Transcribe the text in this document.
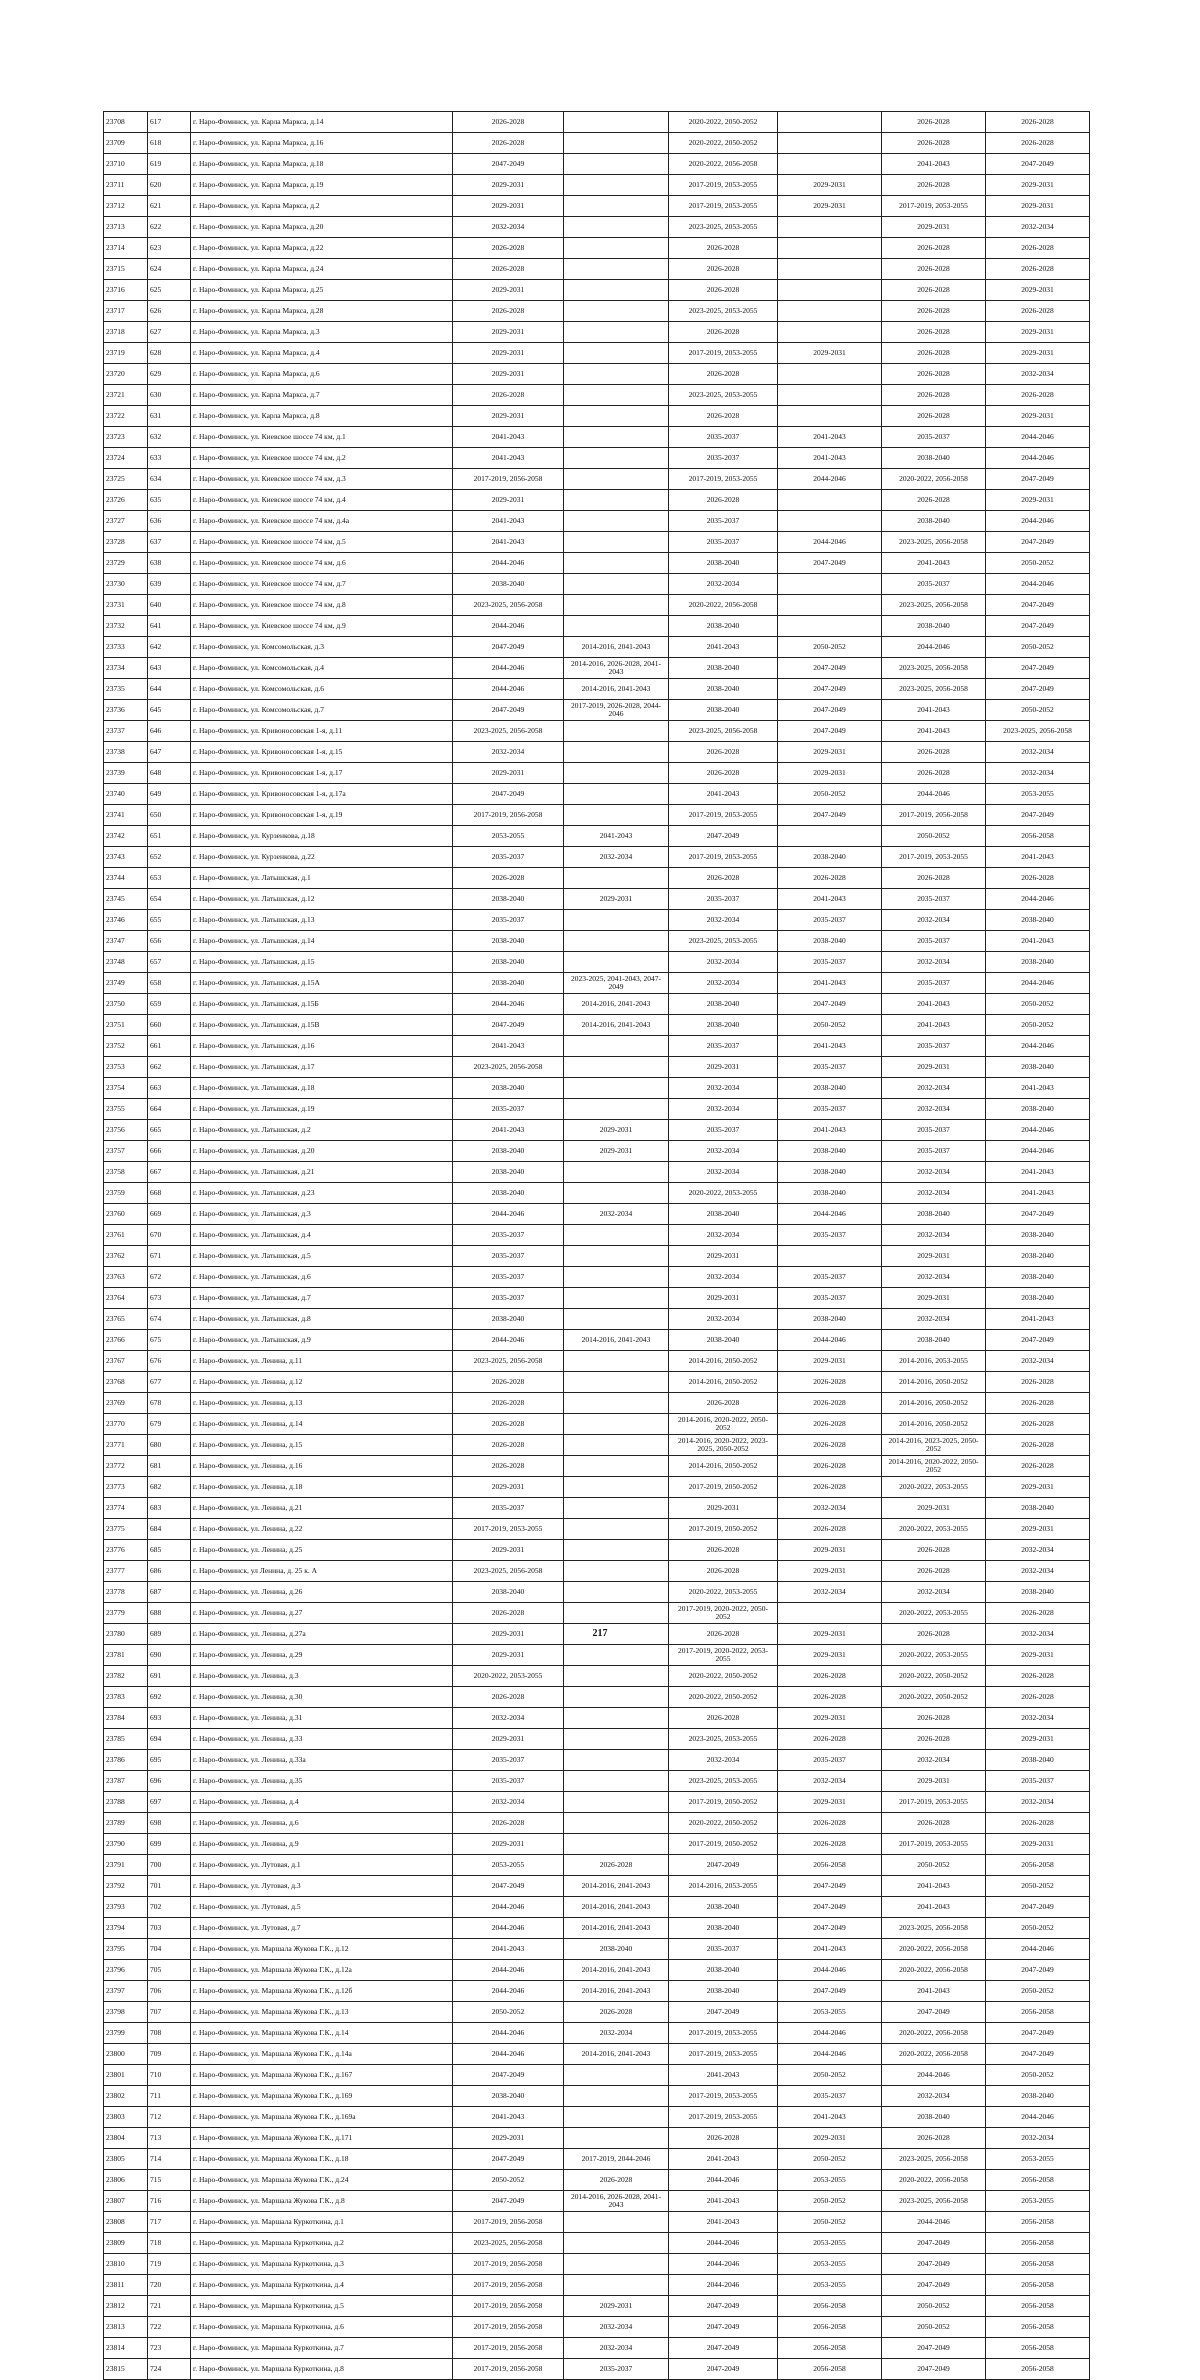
23708	617	г. Наро-Фоминск, ул. Карла Маркса, д.14	2026-2028		2020-2022, 2050-2052		2026-2028	2026-2028
23709	618	г. Наро-Фоминск, ул. Карла Маркса, д.16	2026-2028		2020-2022, 2050-2052		2026-2028	2026-2028
23710	619	г. Наро-Фоминск, ул. Карла Маркса, д.18	2047-2049		2020-2022, 2056-2058		2041-2043	2047-2049
23711	620	г. Наро-Фоминск, ул. Карла Маркса, д.19	2029-2031		2017-2019, 2053-2055	2029-2031	2026-2028	2029-2031
23712	621	г. Наро-Фоминск, ул. Карла Маркса, д.2	2029-2031		2017-2019, 2053-2055	2029-2031	2017-2019, 2053-2055	2029-2031
23713	622	г. Наро-Фоминск, ул. Карла Маркса, д.20	2032-2034		2023-2025, 2053-2055		2029-2031	2032-2034
23714	623	г. Наро-Фоминск, ул. Карла Маркса, д.22	2026-2028		2026-2028		2026-2028	2026-2028
23715	624	г. Наро-Фоминск, ул. Карла Маркса, д.24	2026-2028		2026-2028		2026-2028	2026-2028
23716	625	г. Наро-Фоминск, ул. Карла Маркса, д.25	2029-2031		2026-2028		2026-2028	2029-2031
23717	626	г. Наро-Фоминск, ул. Карла Маркса, д.28	2026-2028		2023-2025, 2053-2055		2026-2028	2026-2028
23718	627	г. Наро-Фоминск, ул. Карла Маркса, д.3	2029-2031		2026-2028		2026-2028	2029-2031
23719	628	г. Наро-Фоминск, ул. Карла Маркса, д.4	2029-2031		2017-2019, 2053-2055	2029-2031	2026-2028	2029-2031
23720	629	г. Наро-Фоминск, ул. Карла Маркса, д.6	2029-2031		2026-2028		2026-2028	2032-2034
23721	630	г. Наро-Фоминск, ул. Карла Маркса, д.7	2026-2028		2023-2025, 2053-2055		2026-2028	2026-2028
23722	631	г. Наро-Фоминск, ул. Карла Маркса, д.8	2029-2031		2026-2028		2026-2028	2029-2031
23723	632	г. Наро-Фоминск, ул. Киевское шоссе 74 км, д.1	2041-2043		2035-2037	2041-2043	2035-2037	2044-2046
23724	633	г. Наро-Фоминск, ул. Киевское шоссе 74 км, д.2	2041-2043		2035-2037	2041-2043	2038-2040	2044-2046
23725	634	г. Наро-Фоминск, ул. Киевское шоссе 74 км, д.3	2017-2019, 2056-2058		2017-2019, 2053-2055	2044-2046	2020-2022, 2056-2058	2047-2049
23726	635	г. Наро-Фоминск, ул. Киевское шоссе 74 км, д.4	2029-2031		2026-2028		2026-2028	2029-2031
23727	636	г. Наро-Фоминск, ул. Киевское шоссе 74 км, д.4а	2041-2043		2035-2037		2038-2040	2044-2046
23728	637	г. Наро-Фоминск, ул. Киевское шоссе 74 км, д.5	2041-2043		2035-2037	2044-2046	2023-2025, 2056-2058	2047-2049
23729	638	г. Наро-Фоминск, ул. Киевское шоссе 74 км, д.6	2044-2046		2038-2040	2047-2049	2041-2043	2050-2052
23730	639	г. Наро-Фоминск, ул. Киевское шоссе 74 км, д.7	2038-2040		2032-2034		2035-2037	2044-2046
23731	640	г. Наро-Фоминск, ул. Киевское шоссе 74 км, д.8	2023-2025, 2056-2058		2020-2022, 2056-2058		2023-2025, 2056-2058	2047-2049
23732	641	г. Наро-Фоминск, ул. Киевское шоссе 74 км, д.9	2044-2046		2038-2040		2038-2040	2047-2049
23733	642	г. Наро-Фоминск, ул. Комсомольская, д.3	2047-2049	2014-2016, 2041-2043	2041-2043	2050-2052	2044-2046	2050-2052
23734	643	г. Наро-Фоминск, ул. Комсомольская, д.4	2044-2046	2014-2016, 2026-2028, 2041-2043	2038-2040	2047-2049	2023-2025, 2056-2058	2047-2049
23735	644	г. Наро-Фоминск, ул. Комсомольская, д.6	2044-2046	2014-2016, 2041-2043	2038-2040	2047-2049	2023-2025, 2056-2058	2047-2049
23736	645	г. Наро-Фоминск, ул. Комсомольская, д.7	2047-2049	2017-2019, 2026-2028, 2044-2046	2038-2040	2047-2049	2041-2043	2050-2052
23737	646	г. Наро-Фоминск, ул. Кривоносовская 1-я, д.11	2023-2025, 2056-2058		2023-2025, 2056-2058	2047-2049	2041-2043	2023-2025, 2056-2058
23738	647	г. Наро-Фоминск, ул. Кривоносовская 1-я, д.15	2032-2034		2026-2028	2029-2031	2026-2028	2032-2034
23739	648	г. Наро-Фоминск, ул. Кривоносовская 1-я, д.17	2029-2031		2026-2028	2029-2031	2026-2028	2032-2034
23740	649	г. Наро-Фоминск, ул. Кривоносовская 1-я, д.17а	2047-2049		2041-2043	2050-2052	2044-2046	2053-2055
23741	650	г. Наро-Фоминск, ул. Кривоносовская 1-я, д.19	2017-2019, 2056-2058		2017-2019, 2053-2055	2047-2049	2017-2019, 2056-2058	2047-2049
23742	651	г. Наро-Фоминск, ул. Курзенкова, д.18	2053-2055	2041-2043	2047-2049		2050-2052	2056-2058
23743	652	г. Наро-Фоминск, ул. Курзенкова, д.22	2035-2037	2032-2034	2017-2019, 2053-2055	2038-2040	2017-2019, 2053-2055	2041-2043
23744	653	г. Наро-Фоминск, ул. Латышская, д.1	2026-2028		2026-2028	2026-2028	2026-2028	2026-2028
23745	654	г. Наро-Фоминск, ул. Латышская, д.12	2038-2040	2029-2031	2035-2037	2041-2043	2035-2037	2044-2046
23746	655	г. Наро-Фоминск, ул. Латышская, д.13	2035-2037		2032-2034	2035-2037	2032-2034	2038-2040
23747	656	г. Наро-Фоминск, ул. Латышская, д.14	2038-2040		2023-2025, 2053-2055	2038-2040	2035-2037	2041-2043
23748	657	г. Наро-Фоминск, ул. Латышская, д.15	2038-2040		2032-2034	2035-2037	2032-2034	2038-2040
23749	658	г. Наро-Фоминск, ул. Латышская, д.15А	2038-2040	2023-2025, 2041-2043, 2047-2049	2032-2034	2041-2043	2035-2037	2044-2046
23750	659	г. Наро-Фоминск, ул. Латышская, д.15Б	2044-2046	2014-2016, 2041-2043	2038-2040	2047-2049	2041-2043	2050-2052
23751	660	г. Наро-Фоминск, ул. Латышская, д.15В	2047-2049	2014-2016, 2041-2043	2038-2040	2050-2052	2041-2043	2050-2052
23752	661	г. Наро-Фоминск, ул. Латышская, д.16	2041-2043		2035-2037	2041-2043	2035-2037	2044-2046
23753	662	г. Наро-Фоминск, ул. Латышская, д.17	2023-2025, 2056-2058		2029-2031	2035-2037	2029-2031	2038-2040
23754	663	г. Наро-Фоминск, ул. Латышская, д.18	2038-2040		2032-2034	2038-2040	2032-2034	2041-2043
23755	664	г. Наро-Фоминск, ул. Латышская, д.19	2035-2037		2032-2034	2035-2037	2032-2034	2038-2040
23756	665	г. Наро-Фоминск, ул. Латышская, д.2	2041-2043	2029-2031	2035-2037	2041-2043	2035-2037	2044-2046
23757	666	г. Наро-Фоминск, ул. Латышская, д.20	2038-2040	2029-2031	2032-2034	2038-2040	2035-2037	2044-2046
23758	667	г. Наро-Фоминск, ул. Латышская, д.21	2038-2040		2032-2034	2038-2040	2032-2034	2041-2043
23759	668	г. Наро-Фоминск, ул. Латышская, д.23	2038-2040		2020-2022, 2053-2055	2038-2040	2032-2034	2041-2043
23760	669	г. Наро-Фоминск, ул. Латышская, д.3	2044-2046	2032-2034	2038-2040	2044-2046	2038-2040	2047-2049
23761	670	г. Наро-Фоминск, ул. Латышская, д.4	2035-2037		2032-2034	2035-2037	2032-2034	2038-2040
23762	671	г. Наро-Фоминск, ул. Латышская, д.5	2035-2037		2029-2031		2029-2031	2038-2040
23763	672	г. Наро-Фоминск, ул. Латышская, д.6	2035-2037		2032-2034	2035-2037	2032-2034	2038-2040
23764	673	г. Наро-Фоминск, ул. Латышская, д.7	2035-2037		2029-2031	2035-2037	2029-2031	2038-2040
23765	674	г. Наро-Фоминск, ул. Латышская, д.8	2038-2040		2032-2034	2038-2040	2032-2034	2041-2043
23766	675	г. Наро-Фоминск, ул. Латышская, д.9	2044-2046	2014-2016, 2041-2043	2038-2040	2044-2046	2038-2040	2047-2049
23767	676	г. Наро-Фоминск, ул. Ленина, д.11	2023-2025, 2056-2058		2014-2016, 2050-2052	2029-2031	2014-2016, 2053-2055	2032-2034
23768	677	г. Наро-Фоминск, ул. Ленина, д.12	2026-2028		2014-2016, 2050-2052	2026-2028	2014-2016, 2050-2052	2026-2028
23769	678	г. Наро-Фоминск, ул. Ленина, д.13	2026-2028		2026-2028	2026-2028	2014-2016, 2050-2052	2026-2028
23770	679	г. Наро-Фоминск, ул. Ленина, д.14	2026-2028		2014-2016, 2020-2022, 2050-2052	2026-2028	2014-2016, 2050-2052	2026-2028
23771	680	г. Наро-Фоминск, ул. Ленина, д.15	2026-2028		2014-2016, 2020-2022, 2023-2025, 2050-2052	2026-2028	2014-2016, 2023-2025, 2050-2052	2026-2028
23772	681	г. Наро-Фоминск, ул. Ленина, д.16	2026-2028		2014-2016, 2050-2052	2026-2028	2014-2016, 2020-2022, 2050-2052	2026-2028
23773	682	г. Наро-Фоминск, ул. Ленина, д.18	2029-2031		2017-2019, 2050-2052	2026-2028	2020-2022, 2053-2055	2029-2031
23774	683	г. Наро-Фоминск, ул. Ленина, д.21	2035-2037		2029-2031	2032-2034	2029-2031	2038-2040
23775	684	г. Наро-Фоминск, ул. Ленина, д.22	2017-2019, 2053-2055		2017-2019, 2050-2052	2026-2028	2020-2022, 2053-2055	2029-2031
23776	685	г. Наро-Фоминск, ул. Ленина, д.25	2029-2031		2026-2028	2029-2031	2026-2028	2032-2034
23777	686	г. Наро-Фоминск, ул Ленина, д. 25 к. А	2023-2025, 2056-2058		2026-2028	2029-2031	2026-2028	2032-2034
23778	687	г. Наро-Фоминск, ул. Ленина, д.26	2038-2040		2020-2022, 2053-2055	2032-2034	2032-2034	2038-2040
23779	688	г. Наро-Фоминск, ул. Ленина, д.27	2026-2028		2017-2019, 2020-2022, 2050-2052		2020-2022, 2053-2055	2026-2028
23780	689	г. Наро-Фоминск, ул. Ленина, д.27а	2029-2031		2026-2028	2029-2031	2026-2028	2032-2034
23781	690	г. Наро-Фоминск, ул. Ленина, д.29	2029-2031		2017-2019, 2020-2022, 2053-2055	2029-2031	2020-2022, 2053-2055	2029-2031
23782	691	г. Наро-Фоминск, ул. Ленина, д.3	2020-2022, 2053-2055		2020-2022, 2050-2052	2026-2028	2020-2022, 2050-2052	2026-2028
23783	692	г. Наро-Фоминск, ул. Ленина, д.30	2026-2028		2020-2022, 2050-2052	2026-2028	2020-2022, 2050-2052	2026-2028
23784	693	г. Наро-Фоминск, ул. Ленина, д.31	2032-2034		2026-2028	2029-2031	2026-2028	2032-2034
23785	694	г. Наро-Фоминск, ул. Ленина, д.33	2029-2031		2023-2025, 2053-2055	2026-2028	2026-2028	2029-2031
23786	695	г. Наро-Фоминск, ул. Ленина, д.33а	2035-2037		2032-2034	2035-2037	2032-2034	2038-2040
23787	696	г. Наро-Фоминск, ул. Ленина, д.35	2035-2037		2023-2025, 2053-2055	2032-2034	2029-2031	2035-2037
23788	697	г. Наро-Фоминск, ул. Ленина, д.4	2032-2034		2017-2019, 2050-2052	2029-2031	2017-2019, 2053-2055	2032-2034
23789	698	г. Наро-Фоминск, ул. Ленина, д.6	2026-2028		2020-2022, 2050-2052	2026-2028	2026-2028	2026-2028
23790	699	г. Наро-Фоминск, ул. Ленина, д.9	2029-2031		2017-2019, 2050-2052	2026-2028	2017-2019, 2053-2055	2029-2031
23791	700	г. Наро-Фоминск, ул. Лутовая, д.1	2053-2055	2026-2028	2047-2049	2056-2058	2050-2052	2056-2058
23792	701	г. Наро-Фоминск, ул. Лутовая, д.3	2047-2049	2014-2016, 2041-2043	2014-2016, 2053-2055	2047-2049	2041-2043	2050-2052
23793	702	г. Наро-Фоминск, ул. Лутовая, д.5	2044-2046	2014-2016, 2041-2043	2038-2040	2047-2049	2041-2043	2047-2049
23794	703	г. Наро-Фоминск, ул. Лутовая, д.7	2044-2046	2014-2016, 2041-2043	2038-2040	2047-2049	2023-2025, 2056-2058	2050-2052
23795	704	г. Наро-Фоминск, ул. Маршала Жукова Г.К., д.12	2041-2043	2038-2040	2035-2037	2041-2043	2020-2022, 2056-2058	2044-2046
23796	705	г. Наро-Фоминск, ул. Маршала Жукова Г.К., д.12а	2044-2046	2014-2016, 2041-2043	2038-2040	2044-2046	2020-2022, 2056-2058	2047-2049
23797	706	г. Наро-Фоминск, ул. Маршала Жукова Г.К., д.12б	2044-2046	2014-2016, 2041-2043	2038-2040	2047-2049	2041-2043	2050-2052
23798	707	г. Наро-Фоминск, ул. Маршала Жукова Г.К., д.13	2050-2052	2026-2028	2047-2049	2053-2055	2047-2049	2056-2058
23799	708	г. Наро-Фоминск, ул. Маршала Жукова Г.К., д.14	2044-2046	2032-2034	2017-2019, 2053-2055	2044-2046	2020-2022, 2056-2058	2047-2049
23800	709	г. Наро-Фоминск, ул. Маршала Жукова Г.К., д.14а	2044-2046	2014-2016, 2041-2043	2017-2019, 2053-2055	2044-2046	2020-2022, 2056-2058	2047-2049
23801	710	г. Наро-Фоминск, ул. Маршала Жукова Г.К., д.167	2047-2049		2041-2043	2050-2052	2044-2046	2050-2052
23802	711	г. Наро-Фоминск, ул. Маршала Жукова Г.К., д.169	2038-2040		2017-2019, 2053-2055	2035-2037	2032-2034	2038-2040
23803	712	г. Наро-Фоминск, ул. Маршала Жукова Г.К., д.169а	2041-2043		2017-2019, 2053-2055	2041-2043	2038-2040	2044-2046
23804	713	г. Наро-Фоминск, ул. Маршала Жукова Г.К., д.171	2029-2031		2026-2028	2029-2031	2026-2028	2032-2034
23805	714	г. Наро-Фоминск, ул. Маршала Жукова Г.К., д.18	2047-2049	2017-2019, 2044-2046	2041-2043	2050-2052	2023-2025, 2056-2058	2053-2055
23806	715	г. Наро-Фоминск, ул. Маршала Жукова Г.К., д.24	2050-2052	2026-2028	2044-2046	2053-2055	2020-2022, 2056-2058	2056-2058
23807	716	г. Наро-Фоминск, ул. Маршала Жукова Г.К., д.8	2047-2049	2014-2016, 2026-2028, 2041-2043	2041-2043	2050-2052	2023-2025, 2056-2058	2053-2055
23808	717	г. Наро-Фоминск, ул. Маршала Куркоткина, д.1	2017-2019, 2056-2058		2041-2043	2050-2052	2044-2046	2056-2058
23809	718	г. Наро-Фоминск, ул. Маршала Куркоткина, д.2	2023-2025, 2056-2058		2044-2046	2053-2055	2047-2049	2056-2058
23810	719	г. Наро-Фоминск, ул. Маршала Куркоткина, д.3	2017-2019, 2056-2058		2044-2046	2053-2055	2047-2049	2056-2058
23811	720	г. Наро-Фоминск, ул. Маршала Куркоткина, д.4	2017-2019, 2056-2058		2044-2046	2053-2055	2047-2049	2056-2058
23812	721	г. Наро-Фоминск, ул. Маршала Куркоткина, д.5	2017-2019, 2056-2058	2029-2031	2047-2049	2056-2058	2050-2052	2056-2058
23813	722	г. Наро-Фоминск, ул. Маршала Куркоткина, д.6	2017-2019, 2056-2058	2032-2034	2047-2049	2056-2058	2050-2052	2056-2058
23814	723	г. Наро-Фоминск, ул. Маршала Куркоткина, д.7	2017-2019, 2056-2058	2032-2034	2047-2049	2056-2058	2047-2049	2056-2058
23815	724	г. Наро-Фоминск, ул. Маршала Куркоткина, д.8	2017-2019, 2056-2058	2035-2037	2047-2049	2056-2058	2047-2049	2056-2058
217
